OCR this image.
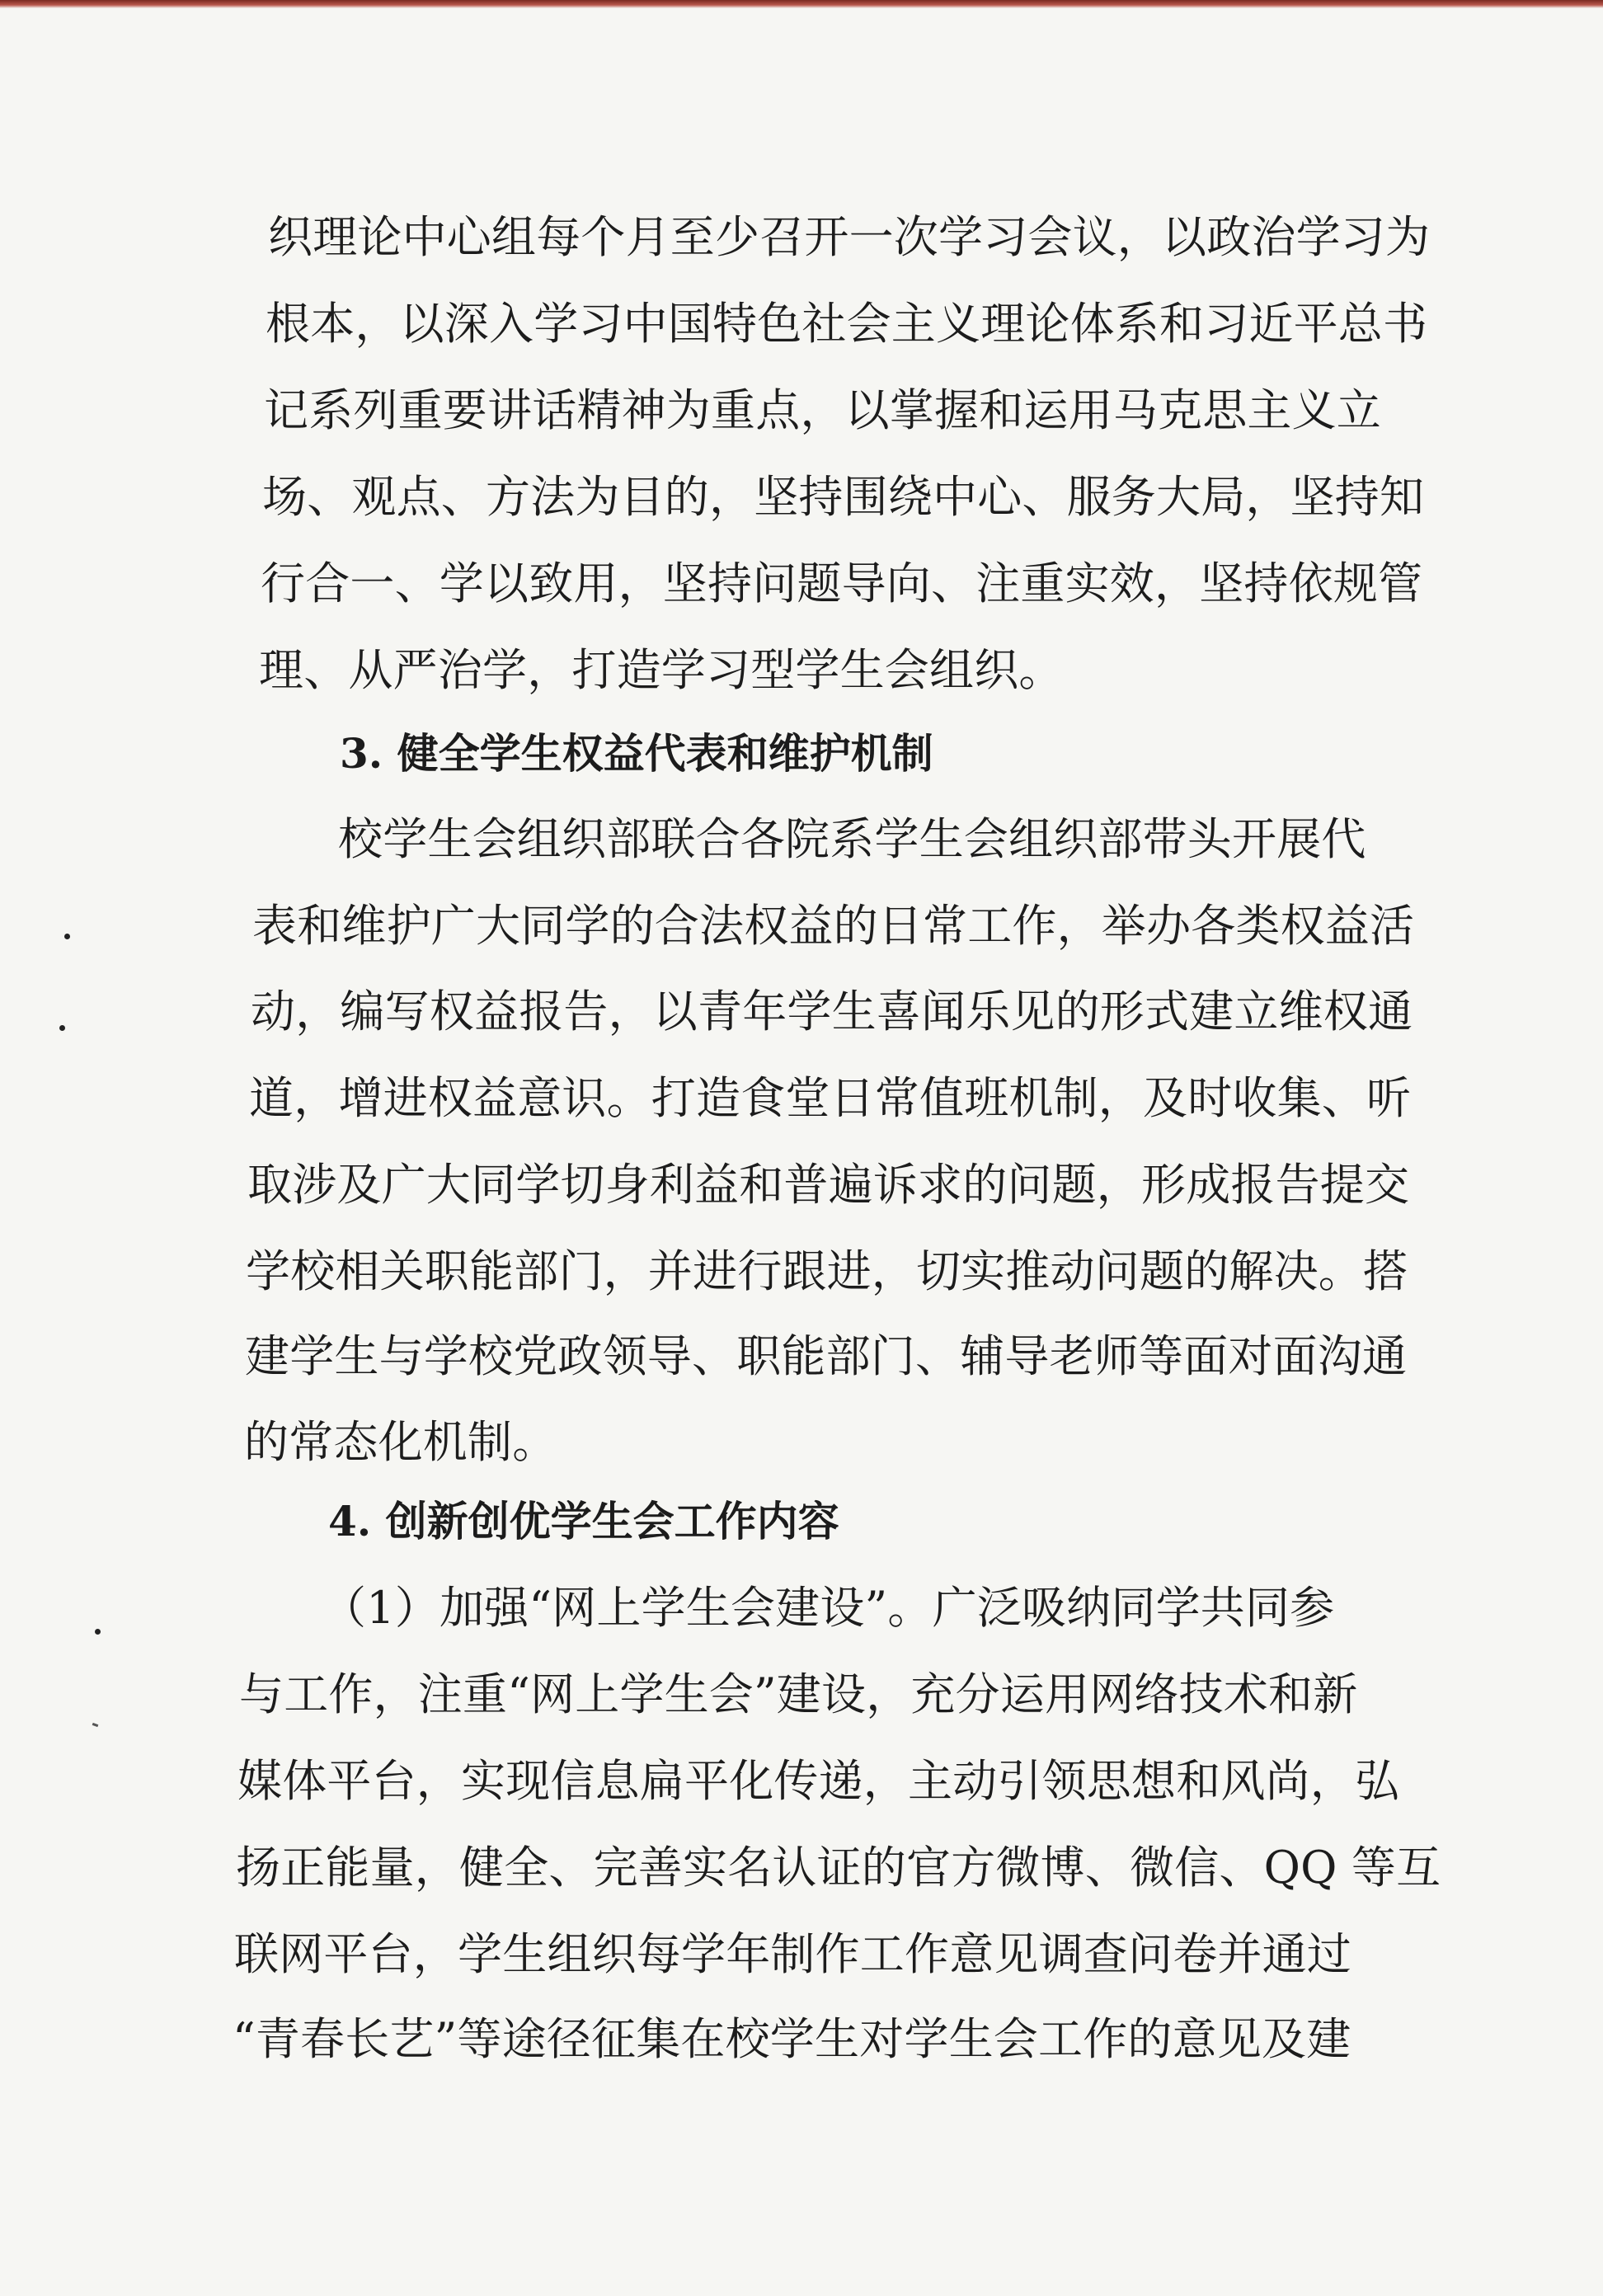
织理论中心组每个月至少召开一次学习会议，以政治学习为
根本，以深入学习中国特色社会主义理论体系和习近平总书
记系列重要讲话精神为重点，以掌握和运用马克思主义立
场、观点、方法为目的，坚持围绕中心、服务大局，坚持知
行合一、学以致用，坚持问题导向、注重实效，坚持依规管
理、从严治学，打造学习型学生会组织。
3. 健全学生权益代表和维护机制
校学生会组织部联合各院系学生会组织部带头开展代
表和维护广大同学的合法权益的日常工作，举办各类权益活
动，编写权益报告，以青年学生喜闻乐见的形式建立维权通
道，增进权益意识。打造食堂日常值班机制，及时收集、听
取涉及广大同学切身利益和普遍诉求的问题，形成报告提交
学校相关职能部门，并进行跟进，切实推动问题的解决。搭
建学生与学校党政领导、职能部门、辅导老师等面对面沟通
的常态化机制。
4. 创新创优学生会工作内容
（1）加强“网上学生会建设”。广泛吸纳同学共同参
与工作，注重“网上学生会”建设，充分运用网络技术和新
媒体平台，实现信息扁平化传递，主动引领思想和风尚，弘
扬正能量，健全、完善实名认证的官方微博、微信、QQ 等互
联网平台，学生组织每学年制作工作意见调查问卷并通过
“青春长艺”等途径征集在校学生对学生会工作的意见及建
